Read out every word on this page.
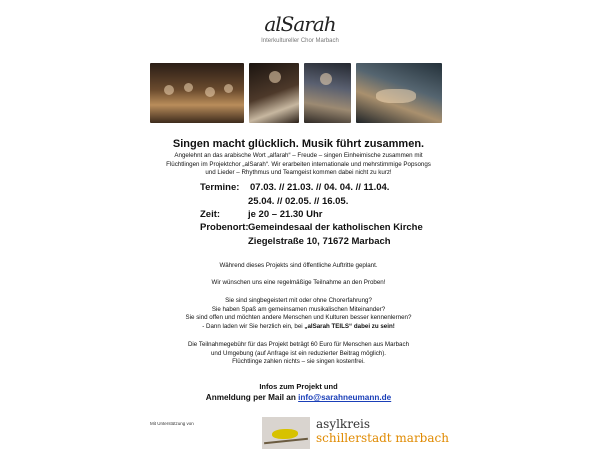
alSarah
Interkultureller Chor Marbach
Singen macht glücklich. Musik führt zusammen.
Angelehnt an das arabische Wort „alfarah“ – Freude – singen Einheimische zusammen mit
Flüchtlingen im Projektchor „alSarah“. Wir erarbeiten internationale und mehrstimmige Popsongs
und Lieder – Rhythmus und Teamgeist kommen dabei nicht zu kurz!
Termine: 07.03. // 21.03. // 04. 04. // 11.04.
25.04. // 02.05. // 16.05.
Zeit:	je 20 – 21.30 Uhr
Probenort: Gemeindesaal der katholischen Kirche
Ziegelstraße 10, 71672 Marbach
Während dieses Projekts sind öffentliche Auftritte geplant.
Wir wünschen uns eine regelmäßige Teilnahme an den Proben!
Sie sind singbegeistert mit oder ohne Chorerfahrung?
Sie haben Spaß am gemeinsamen musikalischen Miteinander?
Sie sind offen und möchten andere Menschen und Kulturen besser kennenlernen?
- Dann laden wir Sie herzlich ein, bei „alSarah TEILS“ dabei zu sein!
Die Teilnahmegebühr für das Projekt beträgt 60 Euro für Menschen aus Marbach
und Umgebung (auf Anfrage ist ein reduzierter Beitrag möglich).
Flüchtlinge zahlen nichts – sie singen kostenfrei.
Infos zum Projekt und
Anmeldung per Mail an info@sarahneumann.de
Mit Unterstützung von	asylkreis
schillerstadt marbach
